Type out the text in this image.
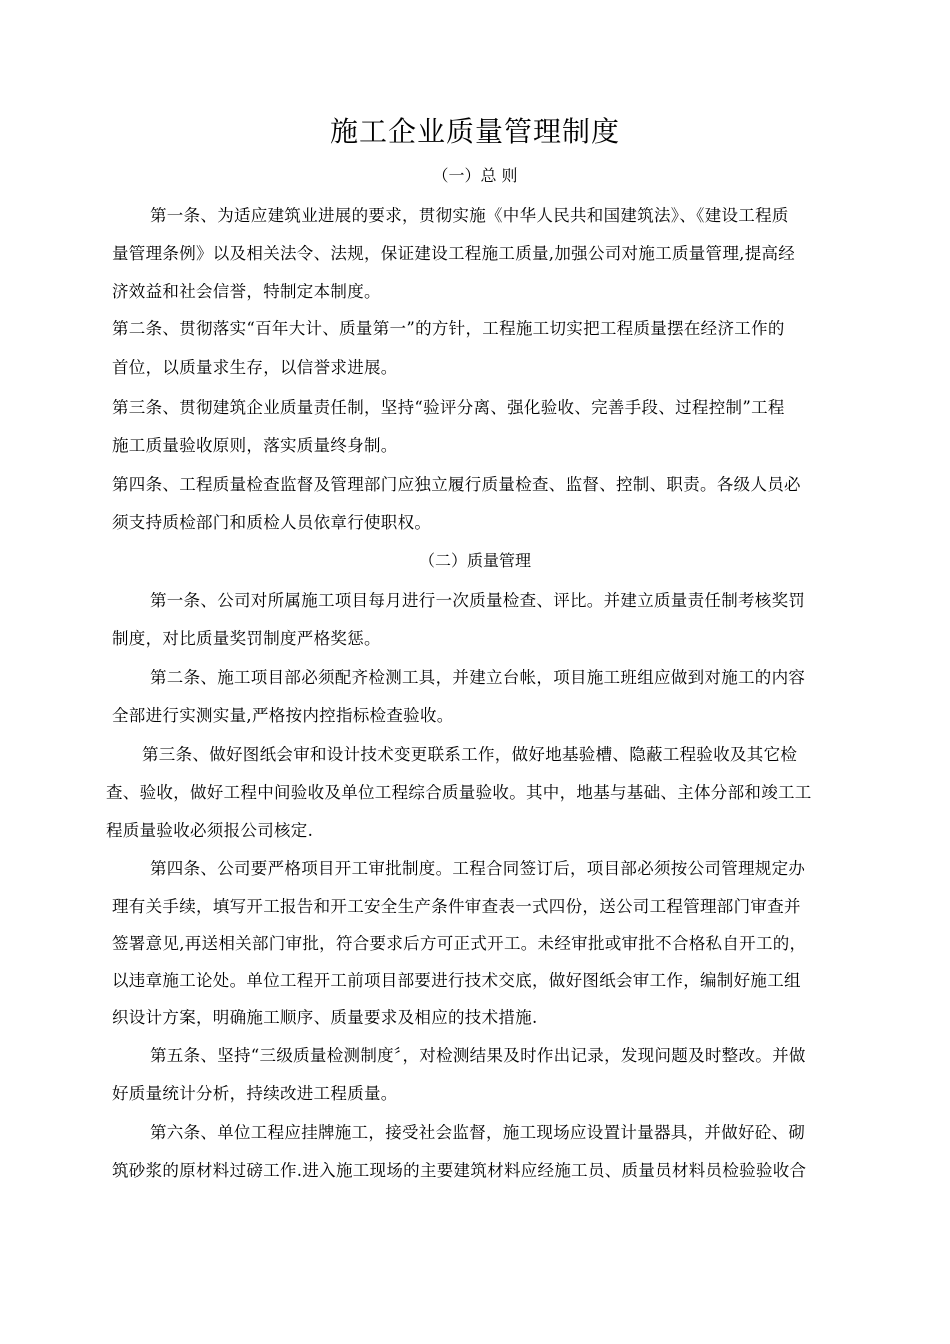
施工企业质量管理制度
（一）总 则
第一条、为适应建筑业进展的要求，贯彻实施《中华人民共和国建筑法》、《建设工程质
量管理条例》以及相关法令、法规，保证建设工程施工质量,加强公司对施工质量管理,提高经
济效益和社会信誉，特制定本制度。
第二条、贯彻落实“百年大计、质量第一”的方针，工程施工切实把工程质量摆在经济工作的
首位，以质量求生存，以信誉求进展。
第三条、贯彻建筑企业质量责任制，坚持“验评分离、强化验收、完善手段、过程控制”工程
施工质量验收原则，落实质量终身制。
第四条、工程质量检查监督及管理部门应独立履行质量检查、监督、控制、职责。各级人员必
须支持质检部门和质检人员依章行使职权。
（二）质量管理
第一条、公司对所属施工项目每月进行一次质量检查、评比。并建立质量责任制考核奖罚
制度，对比质量奖罚制度严格奖惩。
第二条、施工项目部必须配齐检测工具，并建立台帐，项目施工班组应做到对施工的内容
全部进行实测实量,严格按内控指标检查验收。
第三条、做好图纸会审和设计技术变更联系工作，做好地基验槽、隐蔽工程验收及其它检
查、验收，做好工程中间验收及单位工程综合质量验收。其中，地基与基础、主体分部和竣工工
程质量验收必须报公司核定.
第四条、公司要严格项目开工审批制度。工程合同签订后，项目部必须按公司管理规定办
理有关手续，填写开工报告和开工安全生产条件审查表一式四份，送公司工程管理部门审查并
签署意见,再送相关部门审批，符合要求后方可正式开工。未经审批或审批不合格私自开工的，
以违章施工论处。单位工程开工前项目部要进行技术交底，做好图纸会审工作，编制好施工组
织设计方案，明确施工顺序、质量要求及相应的技术措施.
第五条、坚持“三级质量检测制度〞，对检测结果及时作出记录，发现问题及时整改。并做
好质量统计分析，持续改进工程质量。
第六条、单位工程应挂牌施工，接受社会监督，施工现场应设置计量器具，并做好砼、砌
筑砂浆的原材料过磅工作.进入施工现场的主要建筑材料应经施工员、质量员材料员检验验收合
